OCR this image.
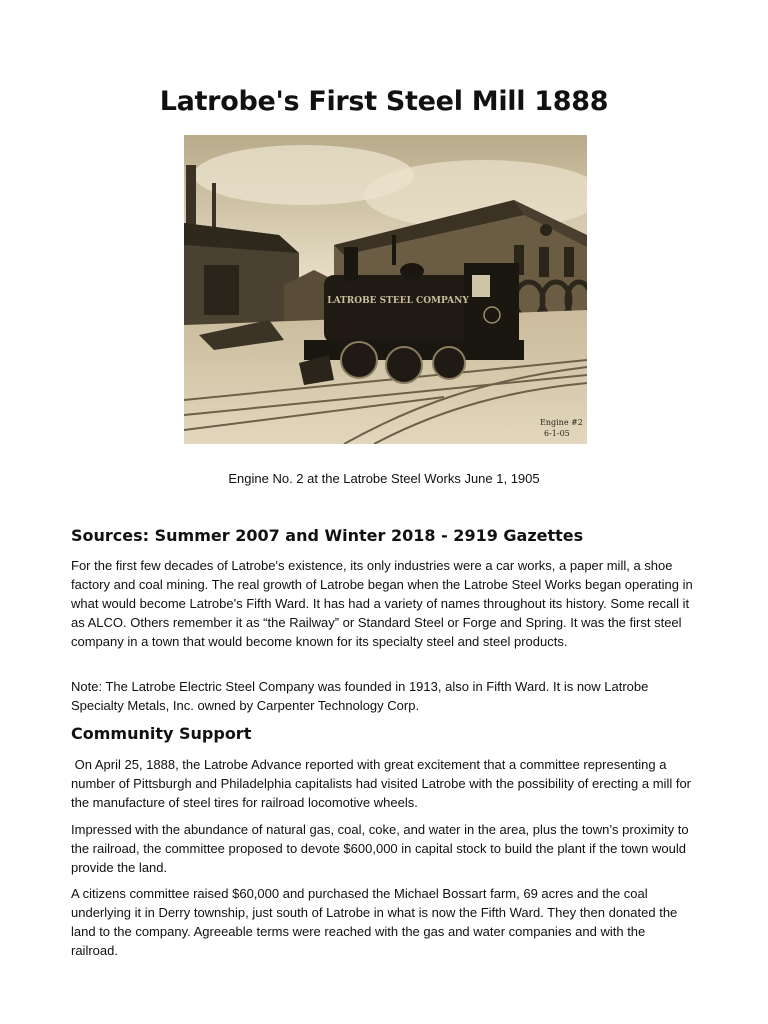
Latrobe's First Steel Mill 1888
LATROBE STEEL COMPANY
Engine #2
6-1-05
Engine No. 2 at the Latrobe Steel Works June 1, 1905
Sources: Summer 2007 and Winter 2018 - 2919 Gazettes

For the first few decades of Latrobe's existence, its only industries were a car works, a paper mill, a shoe factory and coal mining. The real growth of Latrobe began when the Latrobe Steel Works began operating in what would become Latrobe's Fifth Ward. It has had a variety of names throughout its history. Some recall it as ALCO. Others remember it as “the Railway” or Standard Steel or Forge and Spring. It was the first steel company in a town that would become known for its specialty steel and steel products.

Note: The Latrobe Electric Steel Company was founded in 1913, also in Fifth Ward. It is now Latrobe Specialty Metals, Inc. owned by Carpenter Technology Corp.

Community Support

On April 25, 1888, the Latrobe Advance reported with great excitement that a committee representing a number of Pittsburgh and Philadelphia capitalists had visited Latrobe with the possibility of erecting a mill for the manufacture of steel tires for railroad locomotive wheels.

Impressed with the abundance of natural gas, coal, coke, and water in the area, plus the town’s proximity to the railroad, the committee proposed to devote $600,000 in capital stock to build the plant if the town would provide the land.

A citizens committee raised $60,000 and purchased the Michael Bossart farm, 69 acres and the coal underlying it in Derry township, just south of Latrobe in what is now the Fifth Ward. They then donated the land to the company. Agreeable terms were reached with the gas and water companies and with the railroad.
